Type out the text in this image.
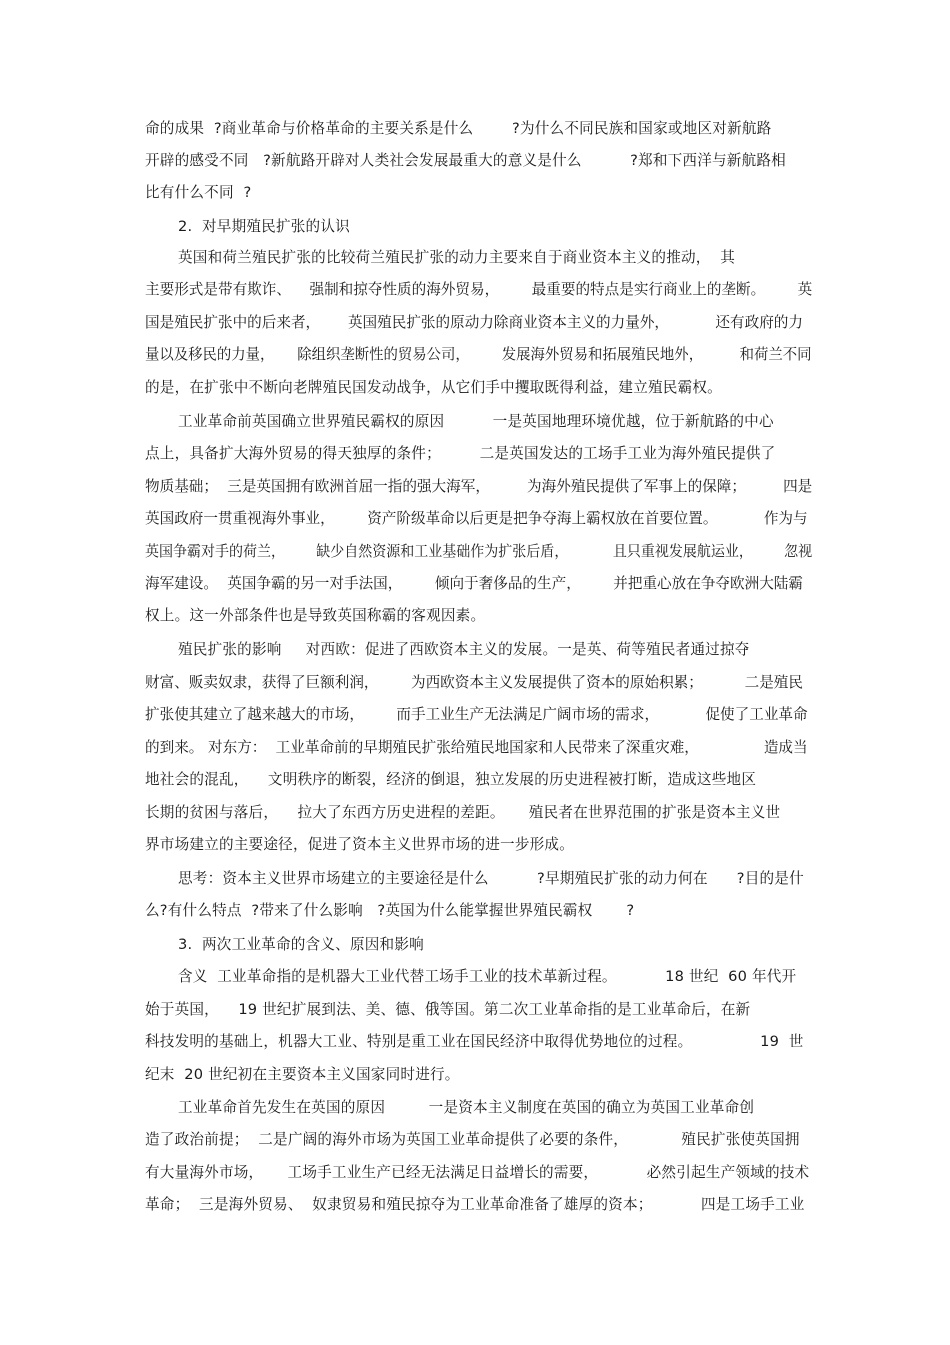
命的成果  ?商业革命与价格革命的主要关系是什么        ?为什么不同民族和国家或地区对新航路
开辟的感受不同   ?新航路开辟对人类社会发展最重大的意义是什么          ?郑和下西洋与新航路相
比有什么不同  ?
2.  对早期殖民扩张的认识
英国和荷兰殖民扩张的比较荷兰殖民扩张的动力主要来自于商业资本主义的推动，  其
主要形式是带有欺诈、    强制和掠夺性质的海外贸易，       最重要的特点是实行商业上的垄断。       英
国是殖民扩张中的后来者，      英国殖民扩张的原动力除商业资本主义的力量外，          还有政府的力
量以及移民的力量，     除组织垄断性的贸易公司，       发展海外贸易和拓展殖民地外，        和荷兰不同
的是，在扩张中不断向老牌殖民国发动战争，从它们手中攫取既得利益，建立殖民霸权。
工业革命前英国确立世界殖民霸权的原因          一是英国地理环境优越，位于新航路的中心
点上，具备扩大海外贸易的得天独厚的条件；        二是英国发达的工场手工业为海外殖民提供了
物质基础；  三是英国拥有欧洲首屈一指的强大海军，        为海外殖民提供了军事上的保障；        四是
英国政府一贯重视海外事业，       资产阶级革命以后更是把争夺海上霸权放在首要位置。          作为与
英国争霸对手的荷兰，       缺少自然资源和工业基础作为扩张后盾，          且只重视发展航运业，       忽视
海军建设。  英国争霸的另一对手法国，       倾向于奢侈品的生产，       并把重心放在争夺欧洲大陆霸
权上。这一外部条件也是导致英国称霸的客观因素。
殖民扩张的影响     对西欧：促进了西欧资本主义的发展。一是英、荷等殖民者通过掠夺
财富、贩卖奴隶，获得了巨额利润，       为西欧资本主义发展提供了资本的原始积累；         二是殖民
扩张使其建立了越来越大的市场，       而手工业生产无法满足广阔市场的需求，          促使了工业革命
的到来。 对东方：  工业革命前的早期殖民扩张给殖民地国家和人民带来了深重灾难，              造成当
地社会的混乱，    文明秩序的断裂，经济的倒退，独立发展的历史进程被打断，造成这些地区
长期的贫困与落后，    拉大了东西方历史进程的差距。     殖民者在世界范围的扩张是资本主义世
界市场建立的主要途径，促进了资本主义世界市场的进一步形成。
思考：资本主义世界市场建立的主要途径是什么          ?早期殖民扩张的动力何在      ?目的是什
么?有什么特点  ?带来了什么影响   ?英国为什么能掌握世界殖民霸权       ?
3.  两次工业革命的含义、原因和影响
含义  工业革命指的是机器大工业代替工场手工业的技术革新过程。          18 世纪  60 年代开
始于英国，    19 世纪扩展到法、美、德、俄等国。第二次工业革命指的是工业革命后，在新
科技发明的基础上，机器大工业、特别是重工业在国民经济中取得优势地位的过程。              19  世
纪末  20 世纪初在主要资本主义国家同时进行。
工业革命首先发生在英国的原因         一是资本主义制度在英国的确立为英国工业革命创
造了政治前提；  二是广阔的海外市场为英国工业革命提供了必要的条件，           殖民扩张使英国拥
有大量海外市场，     工场手工业生产已经无法满足日益增长的需要，          必然引起生产领域的技术
革命；  三是海外贸易、  奴隶贸易和殖民掠夺为工业革命准备了雄厚的资本；          四是工场手工业
